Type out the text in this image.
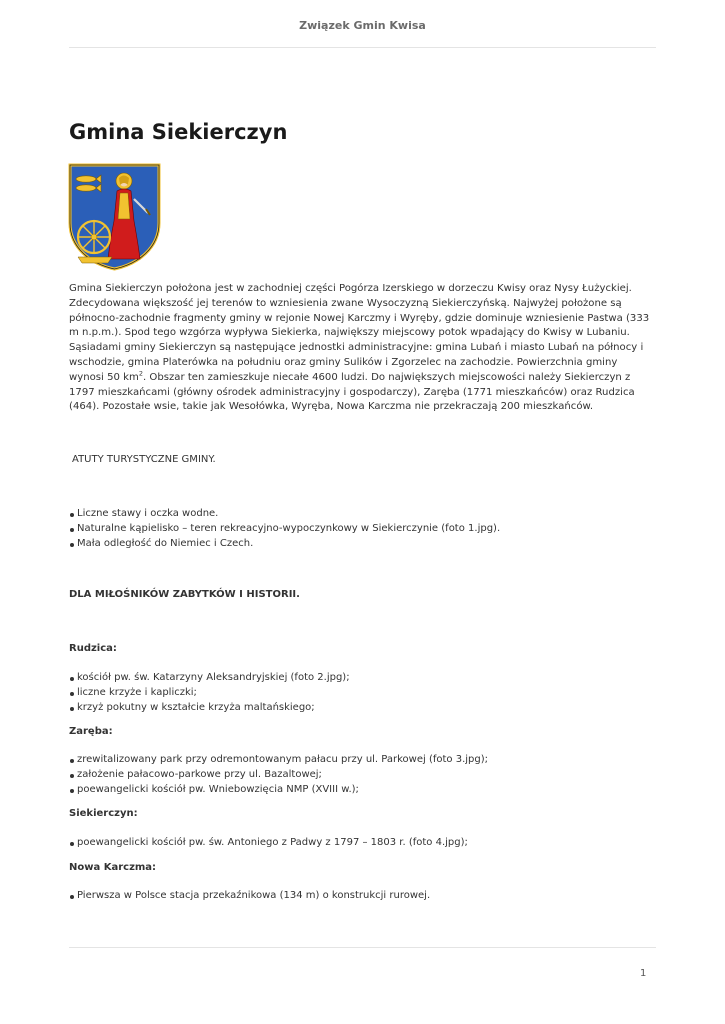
Związek Gmin Kwisa
Gmina Siekierczyn

Gmina Siekierczyn położona jest w zachodniej części Pogórza Izerskiego w dorzeczu Kwisy oraz Nysy Łużyckiej. Zdecydowana większość jej terenów to wzniesienia zwane Wysoczyzną Siekierczyńską. Najwyżej położone są północno-zachodnie fragmenty gminy w rejonie Nowej Karczmy i Wyręby, gdzie dominuje wzniesienie Pastwa (333 m n.p.m.). Spod tego wzgórza wypływa Siekierka, największy miejscowy potok wpadający do Kwisy w Lubaniu. Sąsiadami gminy Siekierczyn są następujące jednostki administracyjne: gmina Lubań i miasto Lubań na północy i wschodzie, gmina Platerówka na południu oraz gminy Sulików i Zgorzelec na zachodzie. Powierzchnia gminy wynosi 50 $km^2$. Obszar ten zamieszkuje niecałe 4600 ludzi. Do największych miejscowości należy Siekierczyn z 1797 mieszkańcami (główny ośrodek administracyjny i gospodarczy), Zaręba (1771 mieszkańców) oraz Rudzica (464). Pozostałe wsie, takie jak Wesołówka, Wyręba, Nowa Karczma nie przekraczają 200 mieszkańców.

ATUTY TURYSTYCZNE GMINY.

Liczne stawy i oczka wodne.
Naturalne kąpielisko – teren rekreacyjno-wypoczynkowy w Siekierczynie (foto 1.jpg).
Mała odległość do Niemiec i Czech.

DLA MIŁOŚNIKÓW ZABYTKÓW I HISTORII.

Rudzica:

kościół pw. św. Katarzyny Aleksandryjskiej (foto 2.jpg);
liczne krzyże i kapliczki;
krzyż pokutny w kształcie krzyża maltańskiego;

Zaręba:

zrewitalizowany park przy odremontowanym pałacu przy ul. Parkowej (foto 3.jpg);
założenie pałacowo-parkowe przy ul. Bazaltowej;
poewangelicki kościół pw. Wniebowzięcia NMP (XVIII w.);

Siekierczyn:

poewangelicki kościół pw. św. Antoniego z Padwy z 1797 – 1803 r. (foto 4.jpg);

Nowa Karczma:

Pierwsza w Polsce stacja przekaźnikowa (134 m) o konstrukcji rurowej.
1
